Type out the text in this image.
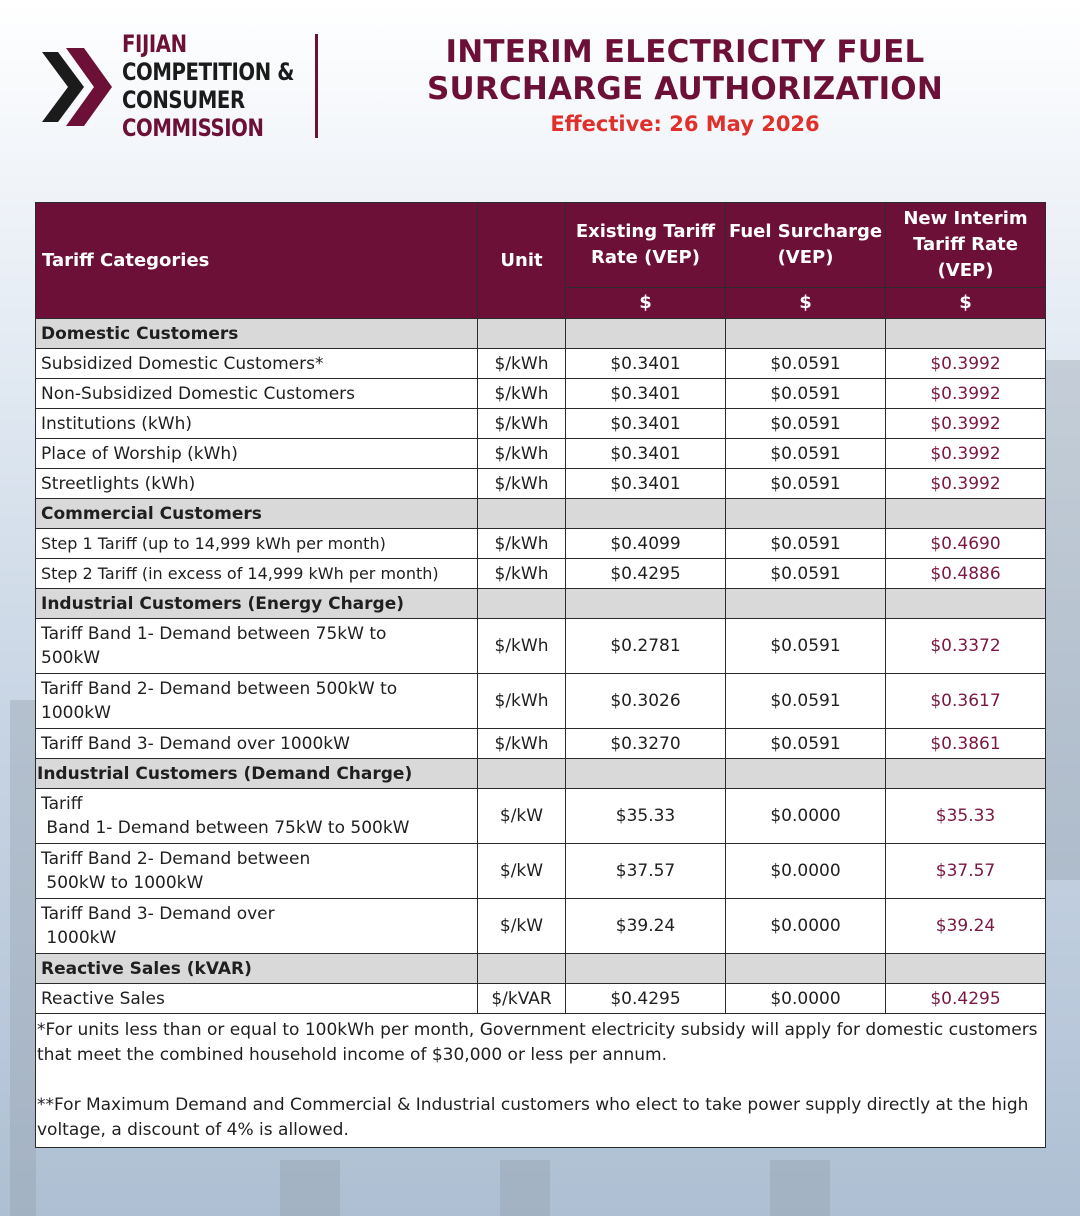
FIJIAN
COMPETITION &
CONSUMER
COMMISSION
INTERIM ELECTRICITY FUEL
SURCHARGE AUTHORIZATION
Effective: 26 May 2026
Tariff Categories	Unit	Existing Tariff Rate (VEP)	Fuel Surcharge (VEP)	New Interim Tariff Rate (VEP)
		$	$	$
Domestic Customers				
Subsidized Domestic Customers*	$/kWh	$0.3401	$0.0591	$0.3992
Non-Subsidized Domestic Customers	$/kWh	$0.3401	$0.0591	$0.3992
Institutions (kWh)	$/kWh	$0.3401	$0.0591	$0.3992
Place of Worship (kWh)	$/kWh	$0.3401	$0.0591	$0.3992
Streetlights (kWh)	$/kWh	$0.3401	$0.0591	$0.3992
Commercial Customers				
Step 1 Tariff (up to 14,999 kWh per month)	$/kWh	$0.4099	$0.0591	$0.4690
Step 2 Tariff (in excess of 14,999 kWh per month)	$/kWh	$0.4295	$0.0591	$0.4886
Industrial Customers (Energy Charge)				

Tariff Band 1- Demand between 75kW to
500kW	$/kWh	$0.2781	$0.0591	$0.3372

Tariff Band 2- Demand between 500kW to
1000kW	$/kWh	$0.3026	$0.0591	$0.3617
Tariff Band 3- Demand over 1000kW	$/kWh	$0.3270	$0.0591	$0.3861
Industrial Customers (Demand Charge)				

Tariff
Band 1- Demand between 75kW to 500kW	$/kW	$35.33	$0.0000	$35.33

Tariff Band 2- Demand between
500kW to 1000kW	$/kW	$37.57	$0.0000	$37.57

Tariff Band 3- Demand over
1000kW	$/kW	$39.24	$0.0000	$39.24
Reactive Sales (kVAR)				
Reactive Sales	$/kVAR	$0.4295	$0.0000	$0.4295

*For units less than or equal to 100kWh per month, Government electricity subsidy will apply for domestic customers that meet the combined household income of $30,000 or less per annum.

**For Maximum Demand and Commercial & Industrial customers who elect to take power supply directly at the high voltage, a discount of 4% is allowed.				
